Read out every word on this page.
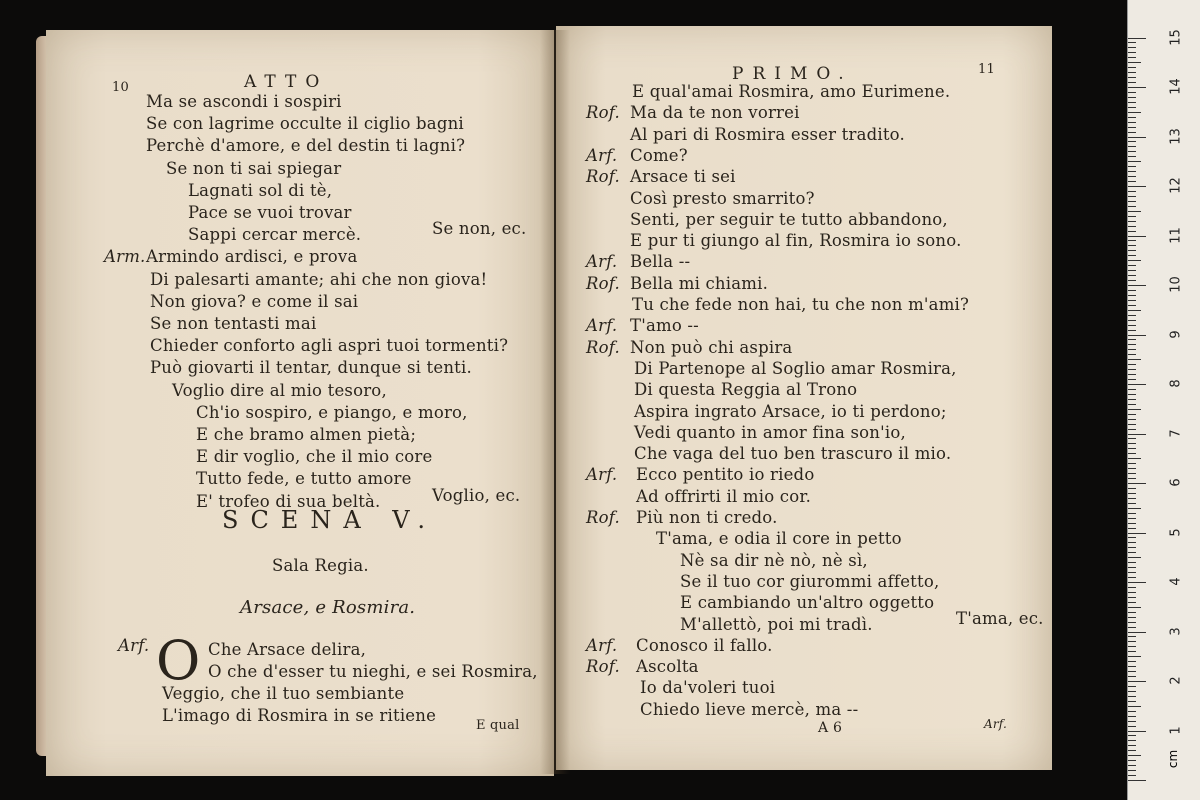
10	ATTO
Ma se ascondi i sospiri
Se con lagrime occulte il ciglio bagni
Perchè d'amore, e del destin ti lagni?
Se non ti sai spiegar
Lagnati sol di tè,
Pace se vuoi trovar
Sappi cercar mercè.	Se non, ec.
Arm. Armindo ardisci, e prova
Di palesarti amante; ahi che non giova!
Non giova? e come il sai
Se non tentasti mai
Chieder conforto agli aspri tuoi tormenti?
Può giovarti il tentar, dunque si tenti.
Voglio dire al mio tesoro,
Ch'io sospiro, e piango, e moro,
E che bramo almen pietà;
E dir voglio, che il mio core
Tutto fede, e tutto amore
E' trofeo di sua beltà.	Voglio, ec.
SCENA V.
Sala Regia.
Arsace, e Rosmira.
Arf. O Che Arsace delira,
O che d'esser tu nieghi, e sei Rosmira,
Veggio, che il tuo sembiante
L'imago di Rosmira in se ritiene
E qual
PRIMO.	11
E qual'amai Rosmira, amo Eurimene.
Rof. Ma da te non vorrei
Al pari di Rosmira esser tradito.
Arf. Come?
Rof. Arsace ti sei
Così presto smarrito?
Senti, per seguir te tutto abbandono,
E pur ti giungo al fin, Rosmira io sono.
Arf. Bella --
Rof. Bella mi chiami.
Tu che fede non hai, tu che non m'ami?
Arf. T'amo --
Rof. Non può chi aspira
Di Partenope al Soglio amar Rosmira,
Di questa Reggia al Trono
Aspira ingrato Arsace, io ti perdono;
Vedi quanto in amor fina son'io,
Che vaga del tuo ben trascuro il mio.
Arf. Ecco pentito io riedo
Ad offrirti il mio cor.
Rof. Più non ti credo.
T'ama, e odia il core in petto
Nè sa dir nè nò, nè sì,
Se il tuo cor giurommi affetto,
E cambiando un'altro oggetto
M'allettò, poi mi tradì.	T'ama, ec.
Arf. Conosco il fallo.
Rof. Ascolta
Io da'voleri tuoi
Chiedo lieve mercè, ma --
A 6	Arf.
cm
1
2
3
4
5
6
7
8
9
10
11
12
13
14
15
